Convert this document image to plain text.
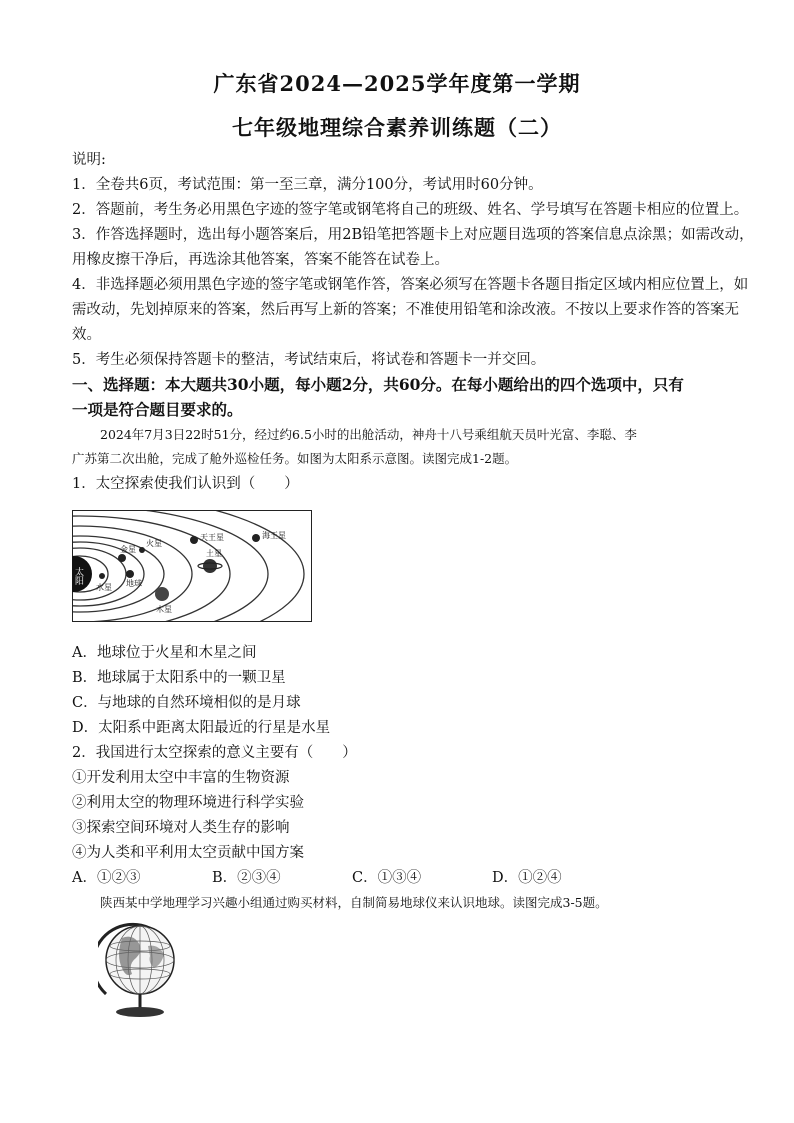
广东省2024—2025学年度第一学期
七年级地理综合素养训练题（二）
说明:
1．全卷共6页，考试范围：第一至三章，满分100分，考试用时60分钟。
2．答题前，考生务必用黑色字迹的签字笔或钢笔将自己的班级、姓名、学号填写在答题卡相应的位置上。
3．作答选择题时，选出每小题答案后，用2B铅笔把答题卡上对应题目选项的答案信息点涂黑；如需改动，
用橡皮擦干净后，再选涂其他答案，答案不能答在试卷上。
4．非选择题必须用黑色字迹的签字笔或钢笔作答，答案必须写在答题卡各题目指定区域内相应位置上，如
需改动，先划掉原来的答案，然后再写上新的答案；不准使用铅笔和涂改液。不按以上要求作答的答案无
效。
5．考生必须保持答题卡的整洁，考试结束后，将试卷和答题卡一并交回。
一、选择题：本大题共30小题，每小题2分，共60分。在每小题给出的四个选项中，只有
一项是符合题目要求的。
2024年7月3日22时51分，经过约6.5小时的出舱活动，神舟十八号乘组航天员叶光富、李聪、李
广苏第二次出舱，完成了舱外巡检任务。如图为太阳系示意图。读图完成1-2题。
1．太空探索使我们认识到（　　）
太阳
水星
金星
地球
火星
木星
土星
天王星	海王星
A．地球位于火星和木星之间
B．地球属于太阳系中的一颗卫星
C．与地球的自然环境相似的是月球
D．太阳系中距离太阳最近的行星是水星
2．我国进行太空探索的意义主要有（　　）
①开发利用太空中丰富的生物资源
②利用太空的物理环境进行科学实验
③探索空间环境对人类生存的影响
④为人类和平利用太空贡献中国方案
A．①②③	B．②③④	C．①③④	D．①②④
陕西某中学地理学习兴趣小组通过购买材料，自制简易地球仪来认识地球。读图完成3-5题。
